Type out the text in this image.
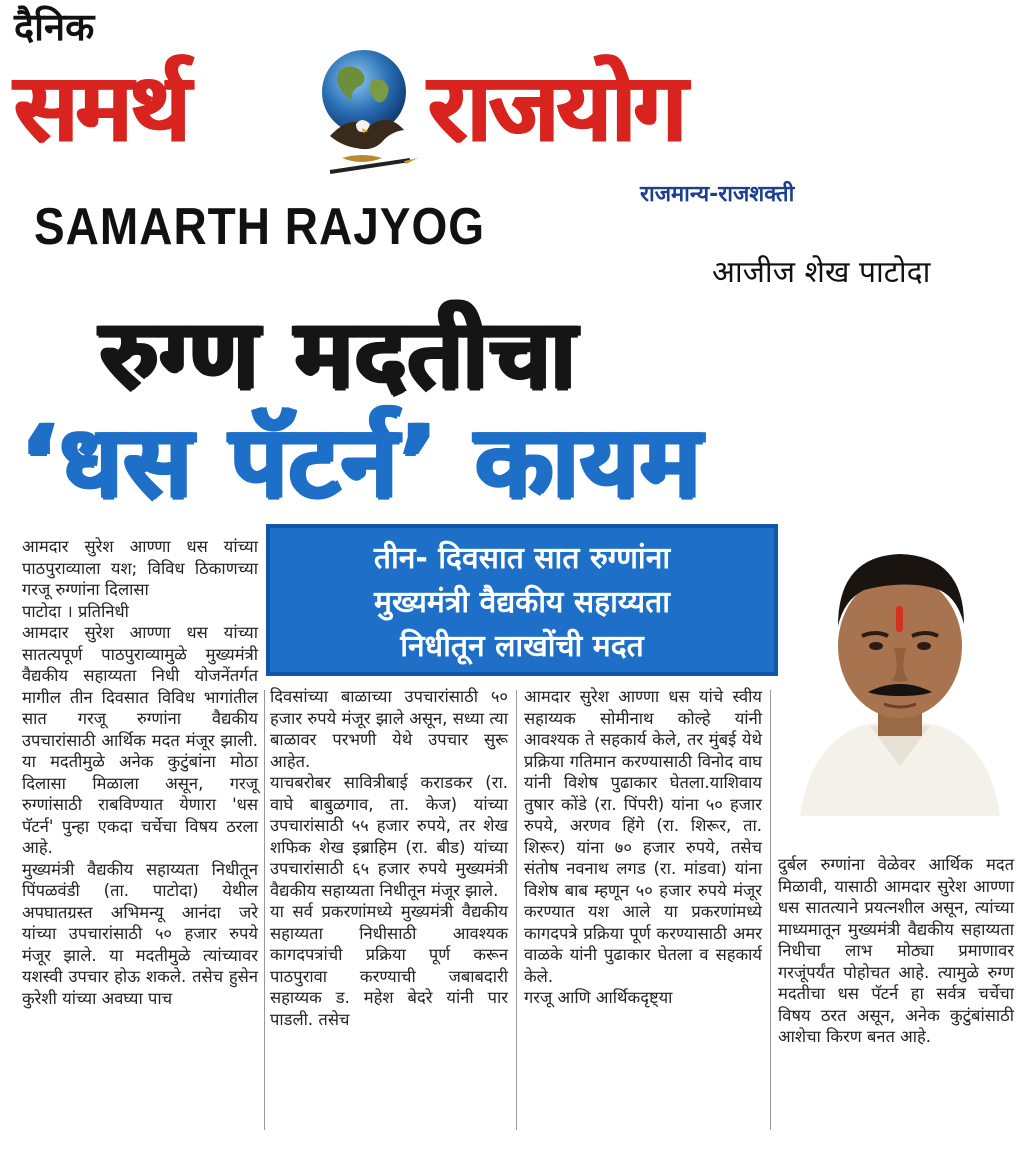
दैनिक
समर्थ	राजयोग
राजमान्य-राजशक्ती
SAMARTH RAJYOG
आजीज शेख पाटोदा
रुग्ण मदतीचा
‘धस पॅटर्न’ कायम
तीन- दिवसात सात रुग्णांना
मुख्यमंत्री वैद्यकीय सहाय्यता
निधीतून लाखोंची मदत
आमदार सुरेश आण्णा धस यांच्या पाठपुराव्याला यश; विविध ठिकाणच्या गरजू रुग्णांना दिलासा
पाटोदा । प्रतिनिधी
आमदार सुरेश आण्णा धस यांच्या सातत्यपूर्ण पाठपुराव्यामुळे मुख्यमंत्री वैद्यकीय सहाय्यता निधी योजनेंतर्गत मागील तीन दिवसात विविध भागांतील सात गरजू रुग्णांना वैद्यकीय उपचारांसाठी आर्थिक मदत मंजूर झाली. या मदतीमुळे अनेक कुटुंबांना मोठा दिलासा मिळाला असून, गरजू रुग्णांसाठी राबविण्यात येणारा 'धस पॅटर्न' पुन्हा एकदा चर्चेचा विषय ठरला आहे.
मुख्यमंत्री वैद्यकीय सहाय्यता निधीतून पिंपळवंडी (ता. पाटोदा) येथील अपघातग्रस्त अभिमन्यू आनंदा जरे यांच्या उपचारांसाठी ५० हजार रुपये मंजूर झाले. या मदतीमुळे त्यांच्यावर यशस्वी उपचार होऊ शकले. तसेच हुसेन कुरेशी यांच्या अवघ्या पाच
दिवसांच्या बाळाच्या उपचारांसाठी ५० हजार रुपये मंजूर झाले असून, सध्या त्या बाळावर परभणी येथे उपचार सुरू आहेत.
याचबरोबर सावित्रीबाई कराडकर (रा. वाघे बाबुळगाव, ता. केज) यांच्या उपचारांसाठी ५५ हजार रुपये, तर शेख शफिक शेख इब्राहिम (रा. बीड) यांच्या उपचारांसाठी ६५ हजार रुपये मुख्यमंत्री वैद्यकीय सहाय्यता निधीतून मंजूर झाले.
या सर्व प्रकरणांमध्ये मुख्यमंत्री वैद्यकीय सहाय्यता निधीसाठी आवश्यक कागदपत्रांची प्रक्रिया पूर्ण करून पाठपुरावा करण्याची जबाबदारी सहाय्यक ड. महेश बेदरे यांनी पार पाडली. तसेच
आमदार सुरेश आण्णा धस यांचे स्वीय सहाय्यक सोमीनाथ कोल्हे यांनी आवश्यक ते सहकार्य केले, तर मुंबई येथे प्रक्रिया गतिमान करण्यासाठी विनोद वाघ यांनी विशेष पुढाकार घेतला.याशिवाय तुषार कोंडे (रा. पिंपरी) यांना ५० हजार रुपये, अरणव हिंगे (रा. शिरूर, ता. शिरूर) यांना ७० हजार रुपये, तसेच संतोष नवनाथ लगड (रा. मांडवा) यांना विशेष बाब म्हणून ५० हजार रुपये मंजूर करण्यात यश आले या प्रकरणांमध्ये कागदपत्रे प्रक्रिया पूर्ण करण्यासाठी अमर वाळके यांनी पुढाकार घेतला व सहकार्य केले.
गरजू आणि आर्थिकदृष्ट्या
दुर्बल रुग्णांना वेळेवर आर्थिक मदत मिळावी, यासाठी आमदार सुरेश आण्णा धस सातत्याने प्रयत्नशील असून, त्यांच्या माध्यमातून मुख्यमंत्री वैद्यकीय सहाय्यता निधीचा लाभ मोठ्या प्रमाणावर गरजूंपर्यंत पोहोचत आहे. त्यामुळे रुग्ण मदतीचा धस पॅटर्न हा सर्वत्र चर्चेचा विषय ठरत असून, अनेक कुटुंबांसाठी आशेचा किरण बनत आहे.
